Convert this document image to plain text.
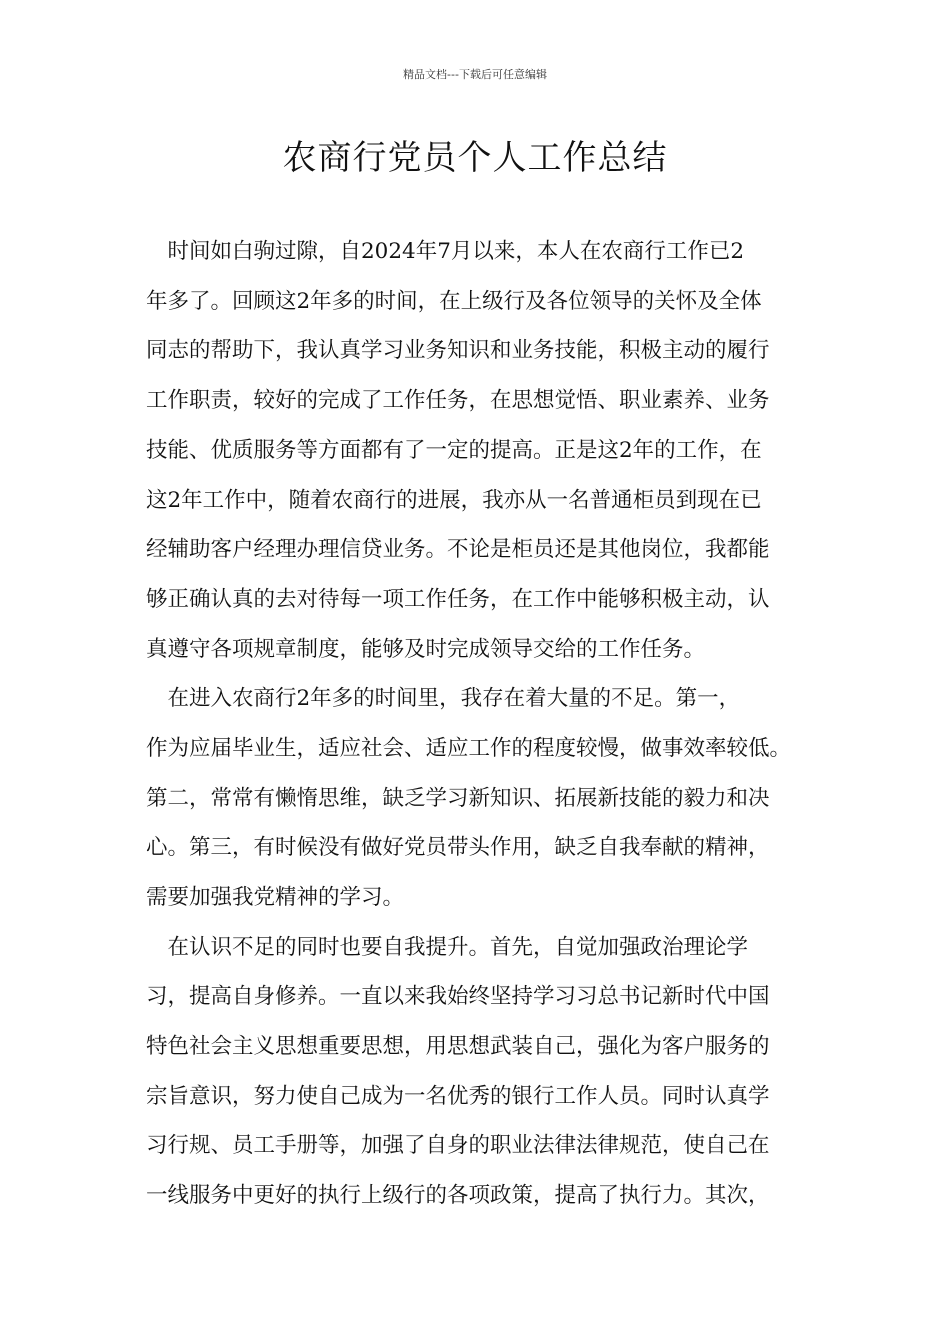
精品文档---下载后可任意编辑
农商行党员个人工作总结
　时间如白驹过隙，自2024年7月以来，本人在农商行工作已2
年多了。回顾这2年多的时间，在上级行及各位领导的关怀及全体
同志的帮助下，我认真学习业务知识和业务技能，积极主动的履行
工作职责，较好的完成了工作任务，在思想觉悟、职业素养、业务
技能、优质服务等方面都有了一定的提高。正是这2年的工作，在
这2年工作中，随着农商行的进展，我亦从一名普通柜员到现在已
经辅助客户经理办理信贷业务。不论是柜员还是其他岗位，我都能
够正确认真的去对待每一项工作任务，在工作中能够积极主动，认
真遵守各项规章制度，能够及时完成领导交给的工作任务。
　在进入农商行2年多的时间里，我存在着大量的不足。第一，
作为应届毕业生，适应社会、适应工作的程度较慢，做事效率较低。
第二，常常有懒惰思维，缺乏学习新知识、拓展新技能的毅力和决
心。第三，有时候没有做好党员带头作用，缺乏自我奉献的精神，
需要加强我党精神的学习。
　在认识不足的同时也要自我提升。首先，自觉加强政治理论学
习，提高自身修养。一直以来我始终坚持学习习总书记新时代中国
特色社会主义思想重要思想，用思想武装自己，强化为客户服务的
宗旨意识，努力使自己成为一名优秀的银行工作人员。同时认真学
习行规、员工手册等，加强了自身的职业法律法律规范，使自己在
一线服务中更好的执行上级行的各项政策，提高了执行力。其次，
